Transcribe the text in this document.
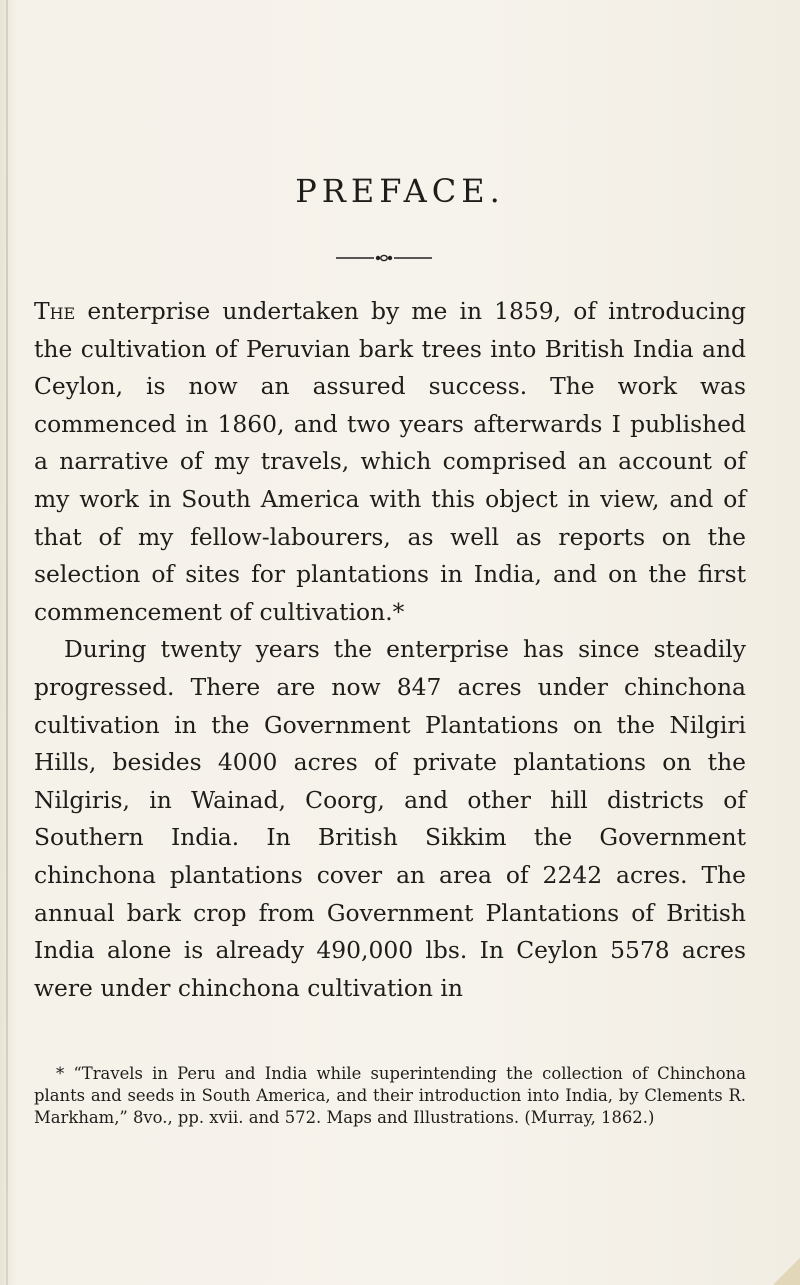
PREFACE.

The enterprise undertaken by me in 1859, of introducing the cultivation of Peruvian bark trees into British India and Ceylon, is now an assured success. The work was commenced in 1860, and two years afterwards I published a narrative of my travels, which comprised an account of my work in South America with this object in view, and of that of my fellow-labourers, as well as reports on the selection of sites for plantations in India, and on the first commencement of cultivation.*

During twenty years the enterprise has since steadily progressed. There are now 847 acres under chinchona cultivation in the Government Plantations on the Nilgiri Hills, besides 4000 acres of private plantations on the Nilgiris, in Wainad, Coorg, and other hill districts of Southern India. In British Sikkim the Government chinchona plantations cover an area of 2242 acres. The annual bark crop from Government Plantations of British India alone is already 490,000 lbs. In Ceylon 5578 acres were under chinchona cultivation in

* “Travels in Peru and India while superintending the collection of Chinchona plants and seeds in South America, and their introduction into India, by Clements R. Markham,” 8vo., pp. xvii. and 572. Maps and Illustrations. (Murray, 1862.)
